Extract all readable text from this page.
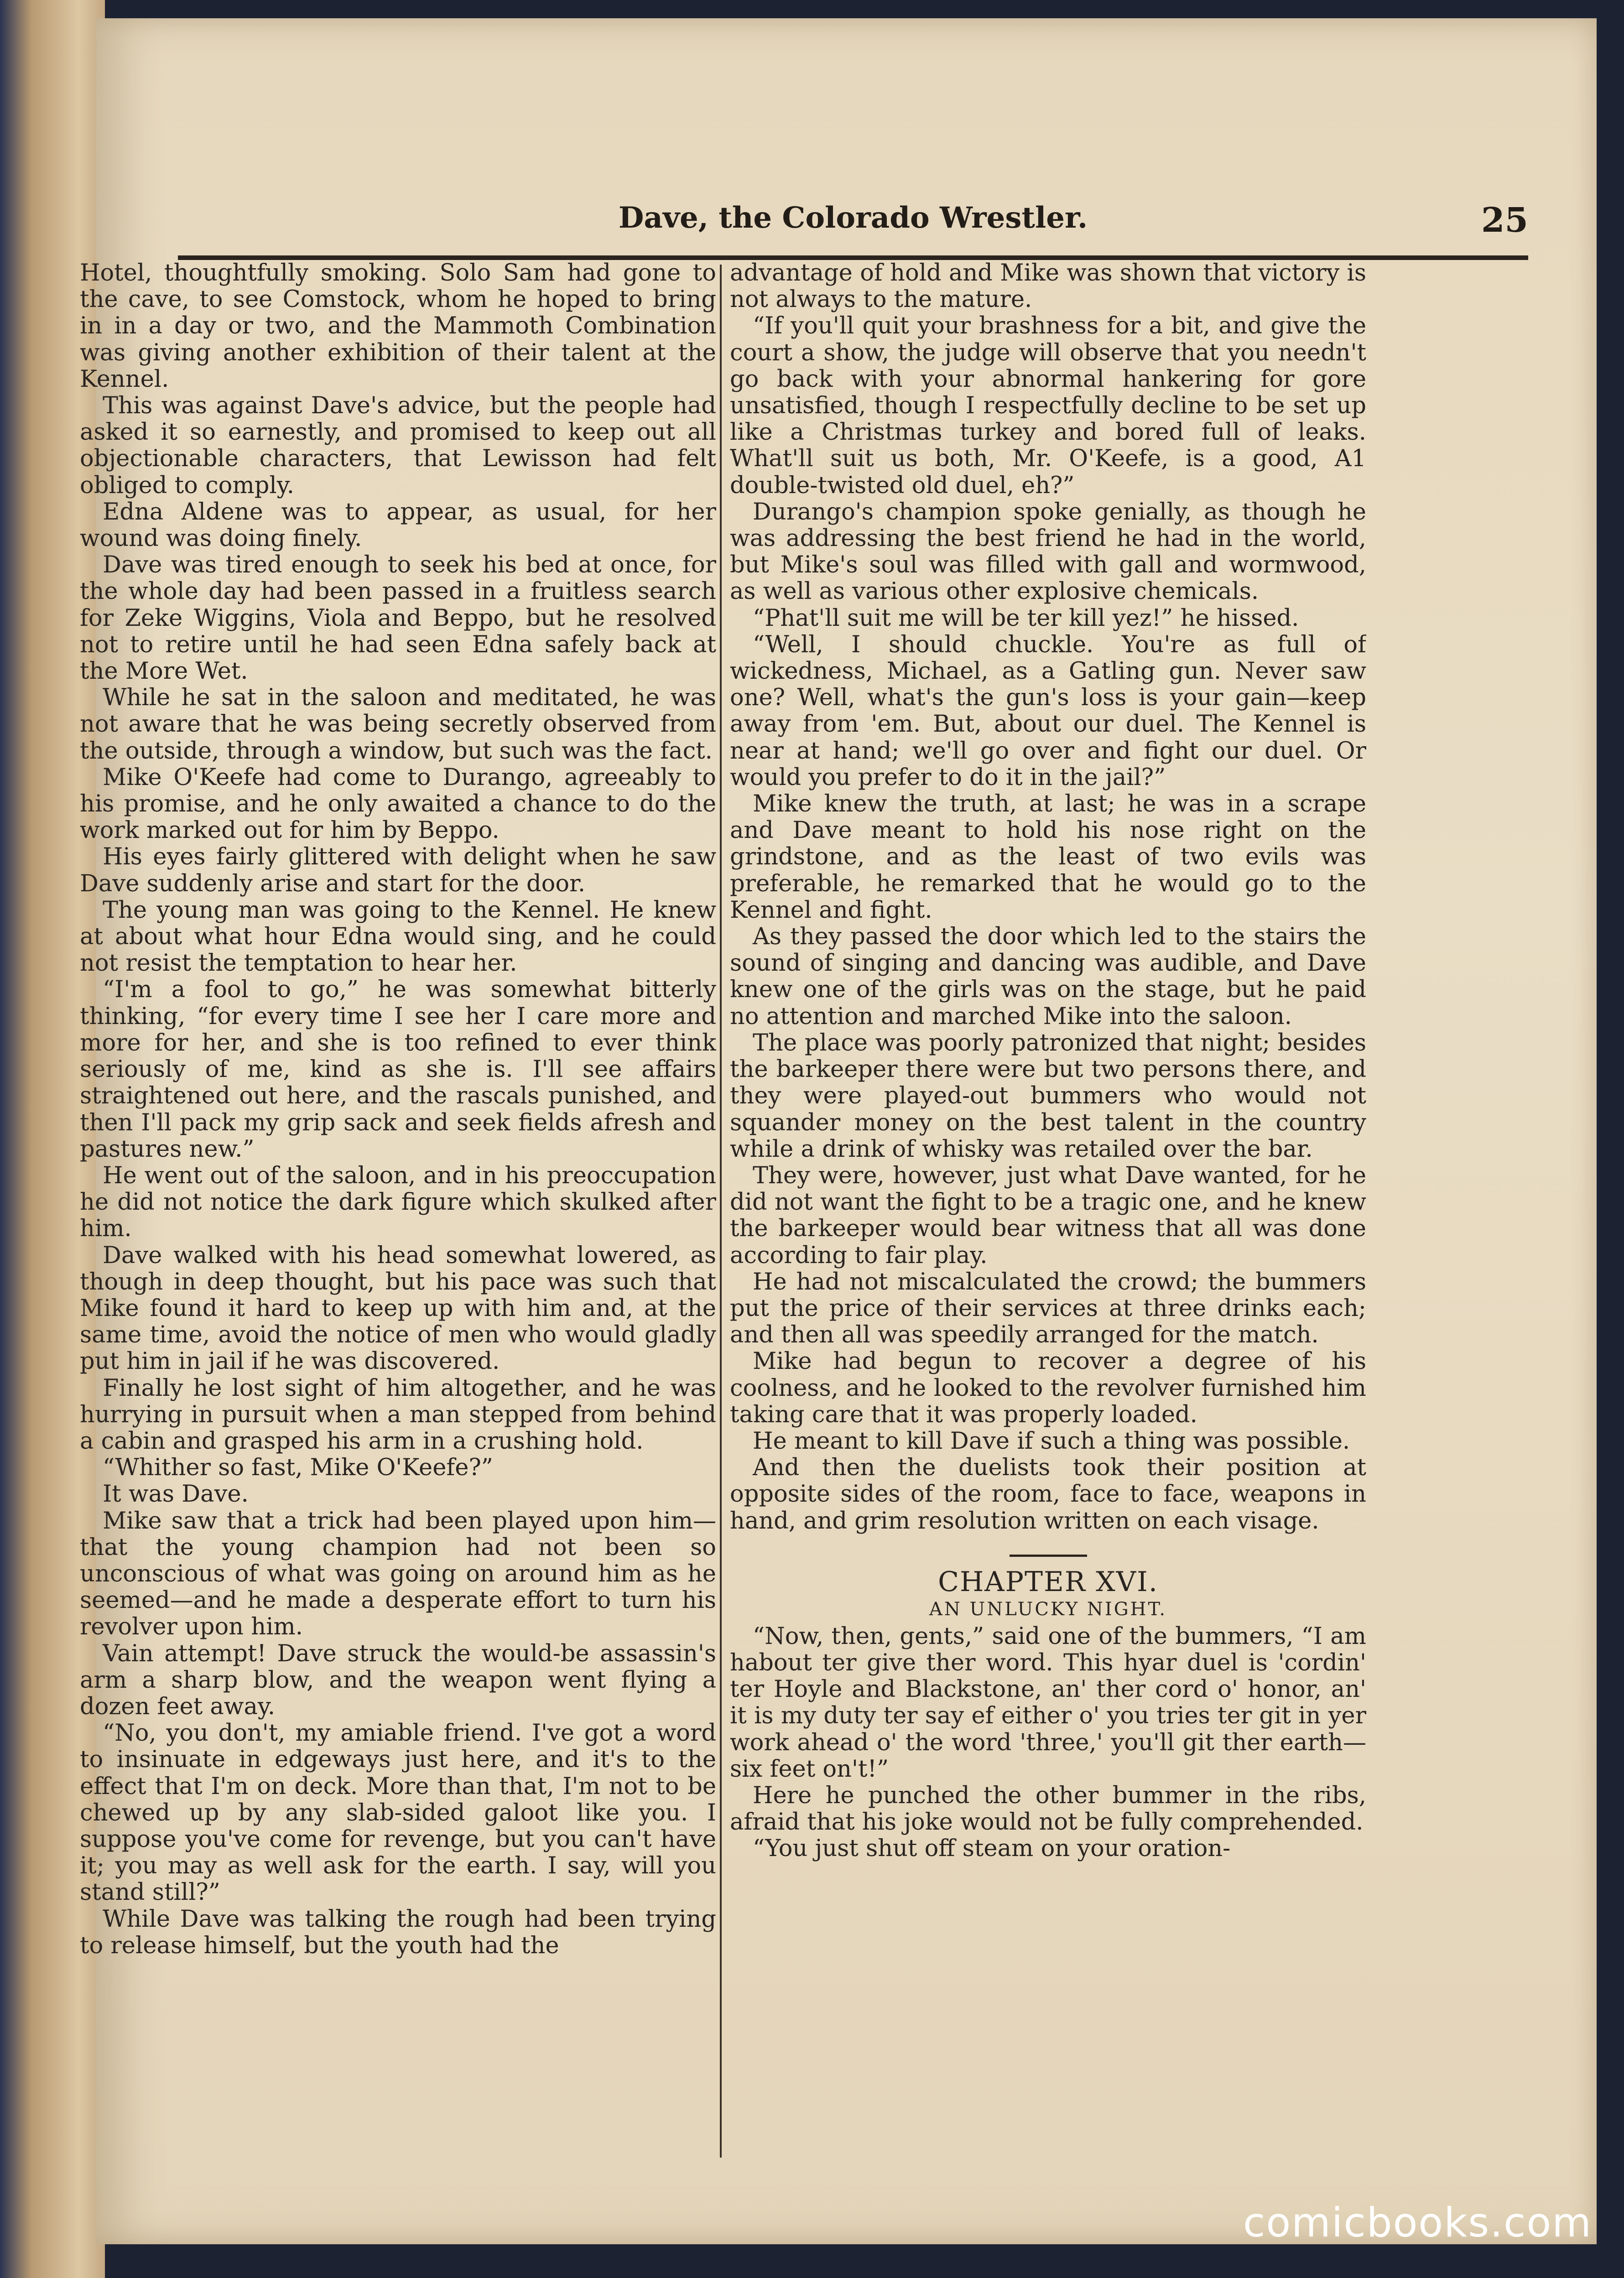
Dave, the Colorado Wrestler.	25

Hotel, thoughtfully smoking. Solo Sam had gone to the cave, to see Comstock, whom he hoped to bring in in a day or two, and the Mammoth Combination was giving another exhibition of their talent at the Kennel.

This was against Dave's advice, but the people had asked it so earnestly, and promised to keep out all objectionable characters, that Lewisson had felt obliged to comply.

Edna Aldene was to appear, as usual, for her wound was doing finely.

Dave was tired enough to seek his bed at once, for the whole day had been passed in a fruitless search for Zeke Wiggins, Viola and Beppo, but he resolved not to retire until he had seen Edna safely back at the More Wet.

While he sat in the saloon and meditated, he was not aware that he was being secretly observed from the outside, through a window, but such was the fact.

Mike O'Keefe had come to Durango, agreeably to his promise, and he only awaited a chance to do the work marked out for him by Beppo.

His eyes fairly glittered with delight when he saw Dave suddenly arise and start for the door.

The young man was going to the Kennel. He knew at about what hour Edna would sing, and he could not resist the temptation to hear her.

“I'm a fool to go,” he was somewhat bitterly thinking, “for every time I see her I care more and more for her, and she is too refined to ever think seriously of me, kind as she is. I'll see affairs straightened out here, and the rascals punished, and then I'll pack my grip sack and seek fields afresh and pastures new.”

He went out of the saloon, and in his preoccupation he did not notice the dark figure which skulked after him.

Dave walked with his head somewhat lowered, as though in deep thought, but his pace was such that Mike found it hard to keep up with him and, at the same time, avoid the notice of men who would gladly put him in jail if he was discovered.

Finally he lost sight of him altogether, and he was hurrying in pursuit when a man stepped from behind a cabin and grasped his arm in a crushing hold.

“Whither so fast, Mike O'Keefe?”

It was Dave.

Mike saw that a trick had been played upon him—that the young champion had not been so unconscious of what was going on around him as he seemed—and he made a desperate effort to turn his revolver upon him.

Vain attempt! Dave struck the would-be assassin's arm a sharp blow, and the weapon went flying a dozen feet away.

“No, you don't, my amiable friend. I've got a word to insinuate in edgeways just here, and it's to the effect that I'm on deck. More than that, I'm not to be chewed up by any slab-sided galoot like you. I suppose you've come for revenge, but you can't have it; you may as well ask for the earth. I say, will you stand still?”

While Dave was talking the rough had been trying to release himself, but the youth had the

advantage of hold and Mike was shown that victory is not always to the mature.

“If you'll quit your brashness for a bit, and give the court a show, the judge will observe that you needn't go back with your abnormal hankering for gore unsatisfied, though I respectfully decline to be set up like a Christmas turkey and bored full of leaks. What'll suit us both, Mr. O'Keefe, is a good, A1 double-twisted old duel, eh?”

Durango's champion spoke genially, as though he was addressing the best friend he had in the world, but Mike's soul was filled with gall and wormwood, as well as various other explosive chemicals.

“Phat'll suit me will be ter kill yez!” he hissed.

“Well, I should chuckle. You're as full of wickedness, Michael, as a Gatling gun. Never saw one? Well, what's the gun's loss is your gain—keep away from 'em. But, about our duel. The Kennel is near at hand; we'll go over and fight our duel. Or would you prefer to do it in the jail?”

Mike knew the truth, at last; he was in a scrape and Dave meant to hold his nose right on the grindstone, and as the least of two evils was preferable, he remarked that he would go to the Kennel and fight.

As they passed the door which led to the stairs the sound of singing and dancing was audible, and Dave knew one of the girls was on the stage, but he paid no attention and marched Mike into the saloon.

The place was poorly patronized that night; besides the barkeeper there were but two persons there, and they were played-out bummers who would not squander money on the best talent in the country while a drink of whisky was retailed over the bar.

They were, however, just what Dave wanted, for he did not want the fight to be a tragic one, and he knew the barkeeper would bear witness that all was done according to fair play.

He had not miscalculated the crowd; the bummers put the price of their services at three drinks each; and then all was speedily arranged for the match.

Mike had begun to recover a degree of his coolness, and he looked to the revolver furnished him taking care that it was properly loaded.

He meant to kill Dave if such a thing was possible.

And then the duelists took their position at opposite sides of the room, face to face, weapons in hand, and grim resolution written on each visage.

CHAPTER XVI.
AN UNLUCKY NIGHT.

“Now, then, gents,” said one of the bummers, “I am habout ter give ther word. This hyar duel is 'cordin' ter Hoyle and Blackstone, an' ther cord o' honor, an' it is my duty ter say ef either o' you tries ter git in yer work ahead o' the word 'three,' you'll git ther earth—six feet on't!”

Here he punched the other bummer in the ribs, afraid that his joke would not be fully comprehended.

“You just shut off steam on your oration-

comicbooks.com
